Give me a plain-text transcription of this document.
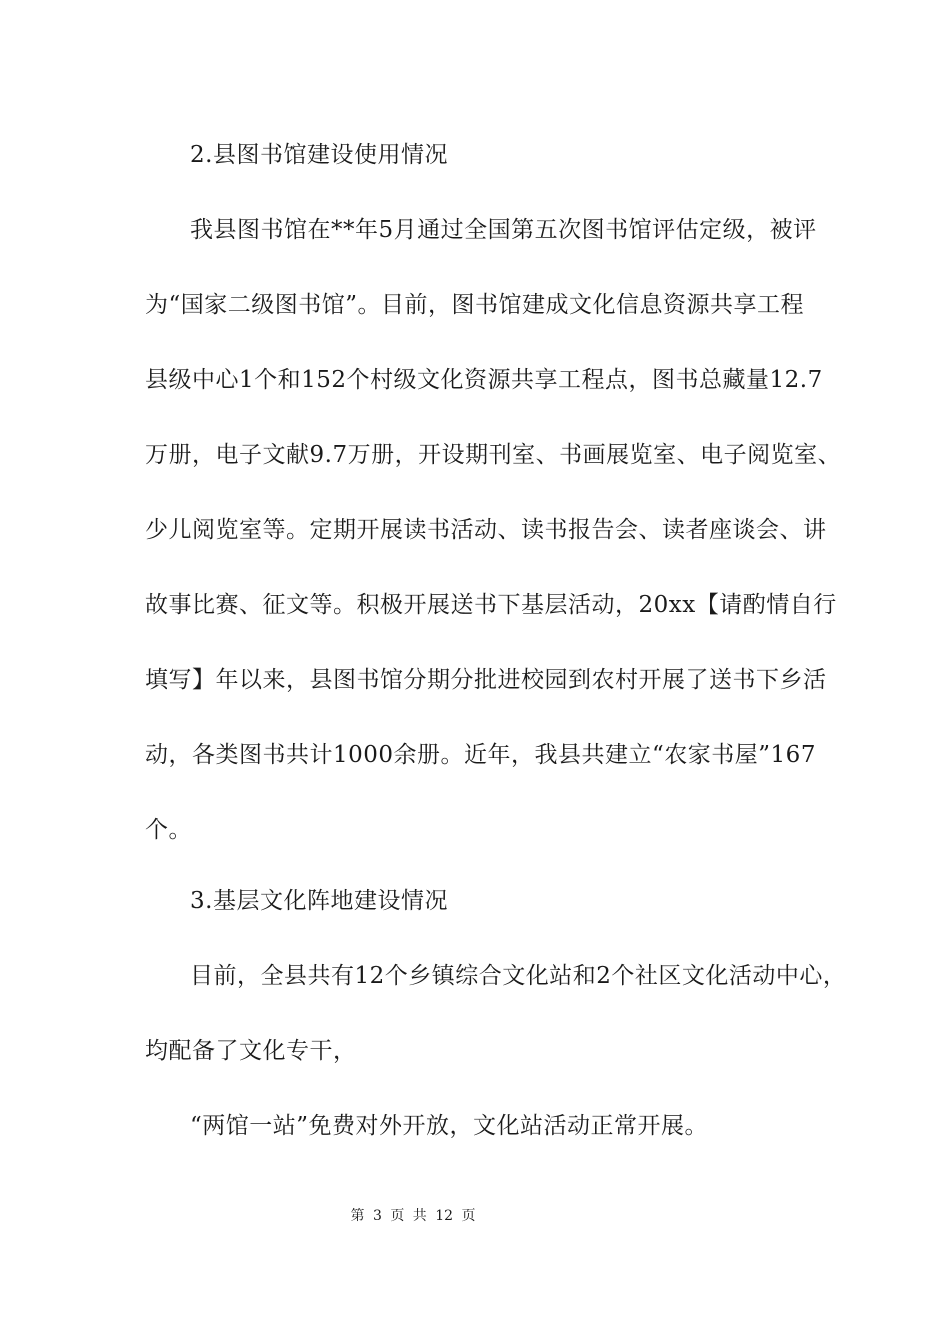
2.县图书馆建设使用情况
我县图书馆在**年5月通过全国第五次图书馆评估定级，被评
为“国家二级图书馆”。目前，图书馆建成文化信息资源共享工程
县级中心1个和152个村级文化资源共享工程点，图书总藏量12.7
万册，电子文献9.7万册，开设期刊室、书画展览室、电子阅览室、
少儿阅览室等。定期开展读书活动、读书报告会、读者座谈会、讲
故事比赛、征文等。积极开展送书下基层活动，20xx【请酌情自行
填写】年以来，县图书馆分期分批进校园到农村开展了送书下乡活
动，各类图书共计1000余册。近年，我县共建立“农家书屋”167
个。
3.基层文化阵地建设情况
目前，全县共有12个乡镇综合文化站和2个社区文化活动中心，
均配备了文化专干，
“两馆一站”免费对外开放，文化站活动正常开展。
第 3 页 共 12 页
